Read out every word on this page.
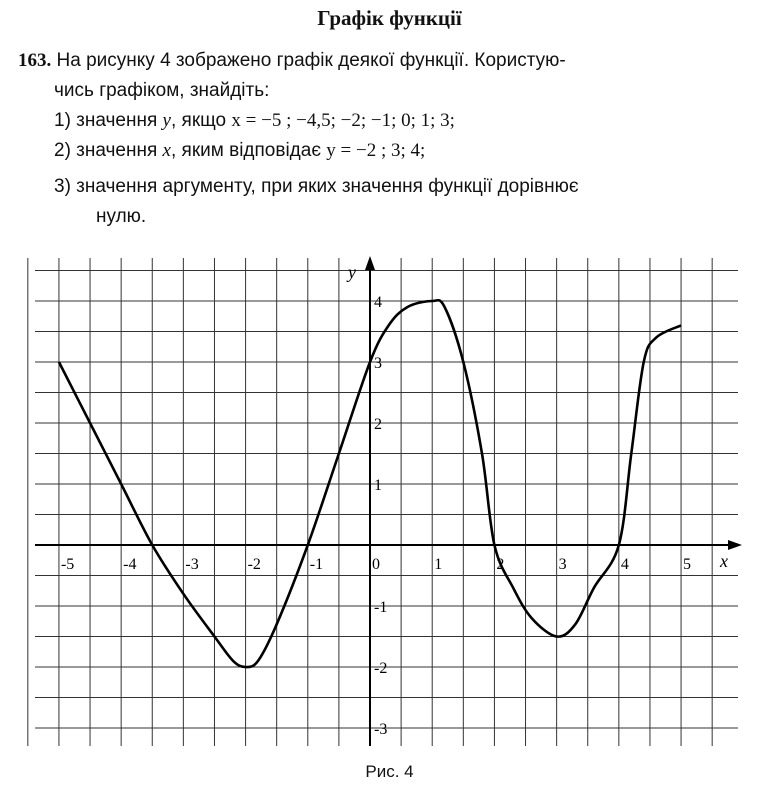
Графік функції
163. На рисунку 4 зображено графік деякої функції. Користую-
чись графіком, знайдіть:
1) значення y, якщо x = −5 ; −4,5; −2; −1; 0; 1; 3;
2) значення x, яким відповідає y = −2 ; 3; 4;
3) значення аргументу, при яких значення функції дорівнює
нулю.
x
y
-5	-4	-3	-2	-1	0	1	2	3	4	5
-3
-2
-1
1
2
3
4
Рис. 4
